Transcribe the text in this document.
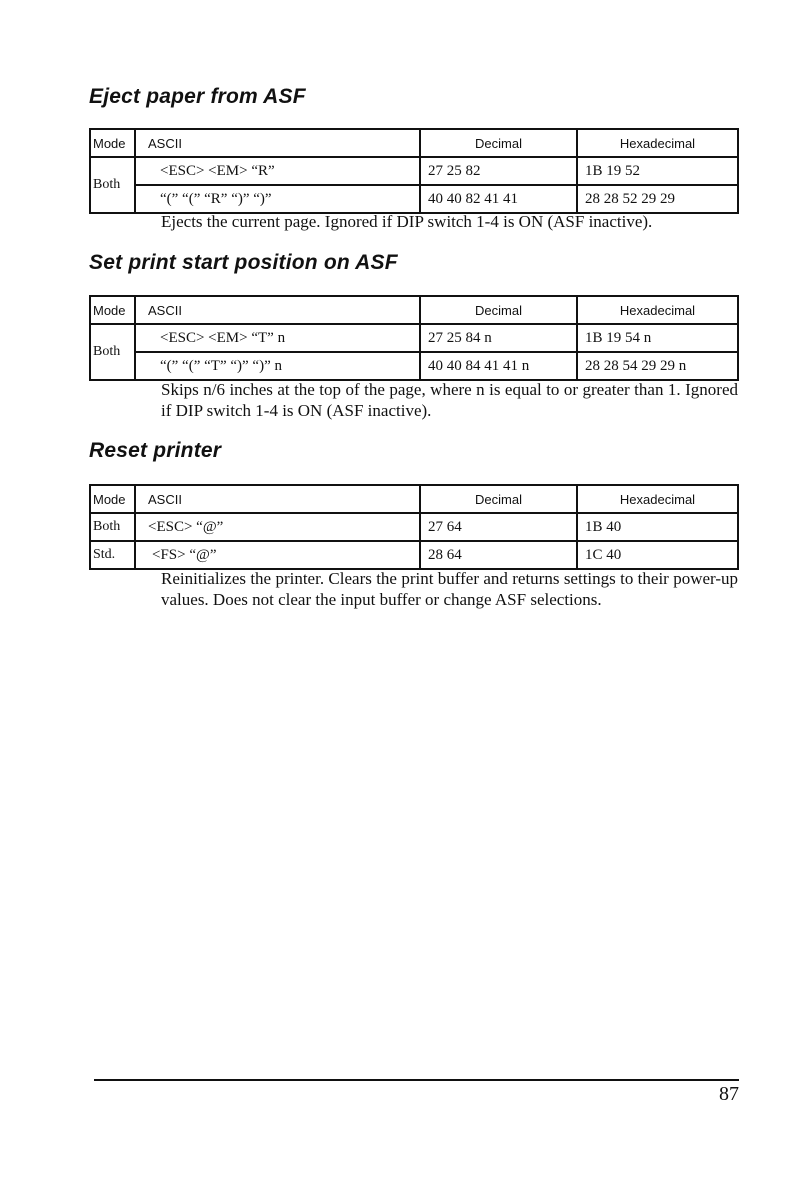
Eject paper from ASF
Mode	ASCII	Decimal	Hexadecimal
Both	<ESC> <EM> “R”	27 25 82	1B 19 52
	“(” “(” “R” “)” “)”	40 40 82 41 41	28 28 52 29 29

Ejects the current page. Ignored if DIP switch 1-4 is ON (ASF inactive).

Set print start position on ASF
Mode	ASCII	Decimal	Hexadecimal
Both	<ESC> <EM> “T” n	27 25 84 n	1B 19 54 n
	“(” “(” “T” “)” “)” n	40 40 84 41 41 n	28 28 54 29 29 n

Skips n/6 inches at the top of the page, where n is equal to or greater than 1. Ignored if DIP switch 1-4 is ON (ASF inactive).

Reset printer
Mode	ASCII	Decimal	Hexadecimal
Both	<ESC> “@”	27 64	1B 40
Std.	<FS> “@”	28 64	1C 40

Reinitializes the printer. Clears the print buffer and returns settings to their power-up values. Does not clear the input buffer or change ASF selections.

87
